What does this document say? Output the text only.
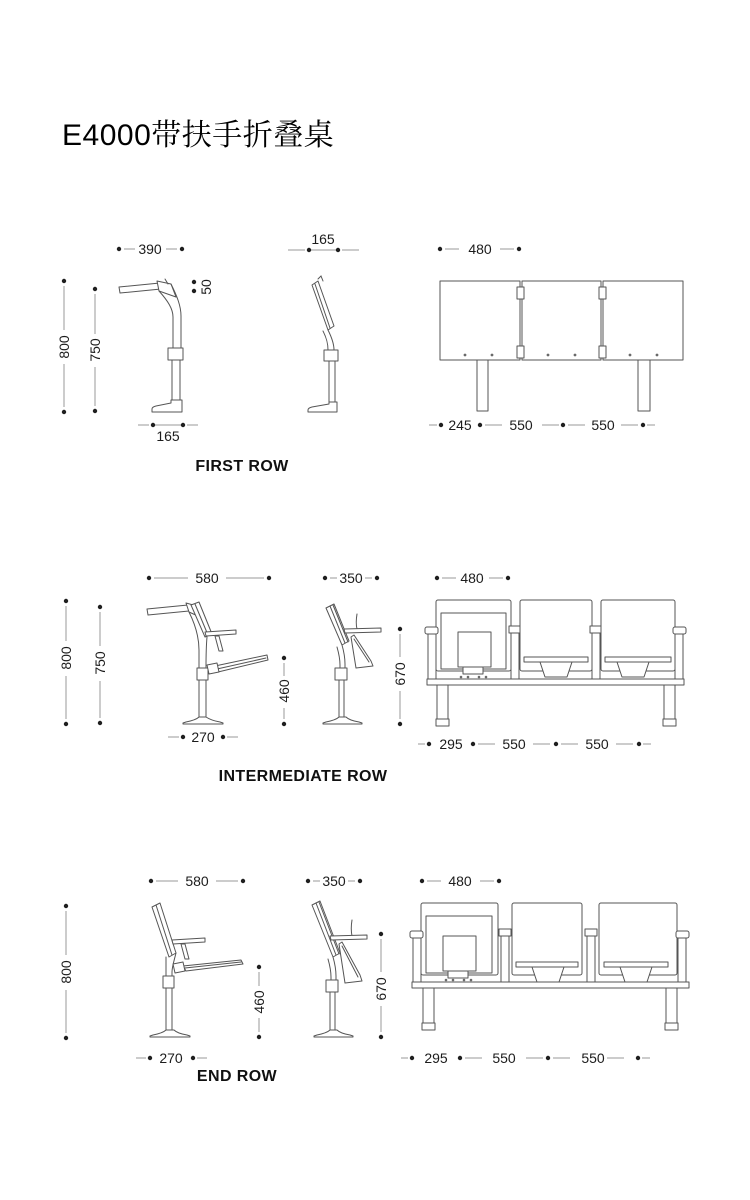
E4000带扶手折叠桌
390
800 750
50
165
165
480
245	550	550
FIRST ROW
580
800 750
460
270
350
670
480
295	550	550
INTERMEDIATE ROW
580
800
460
270
350
670
480
295	550	550
END ROW
